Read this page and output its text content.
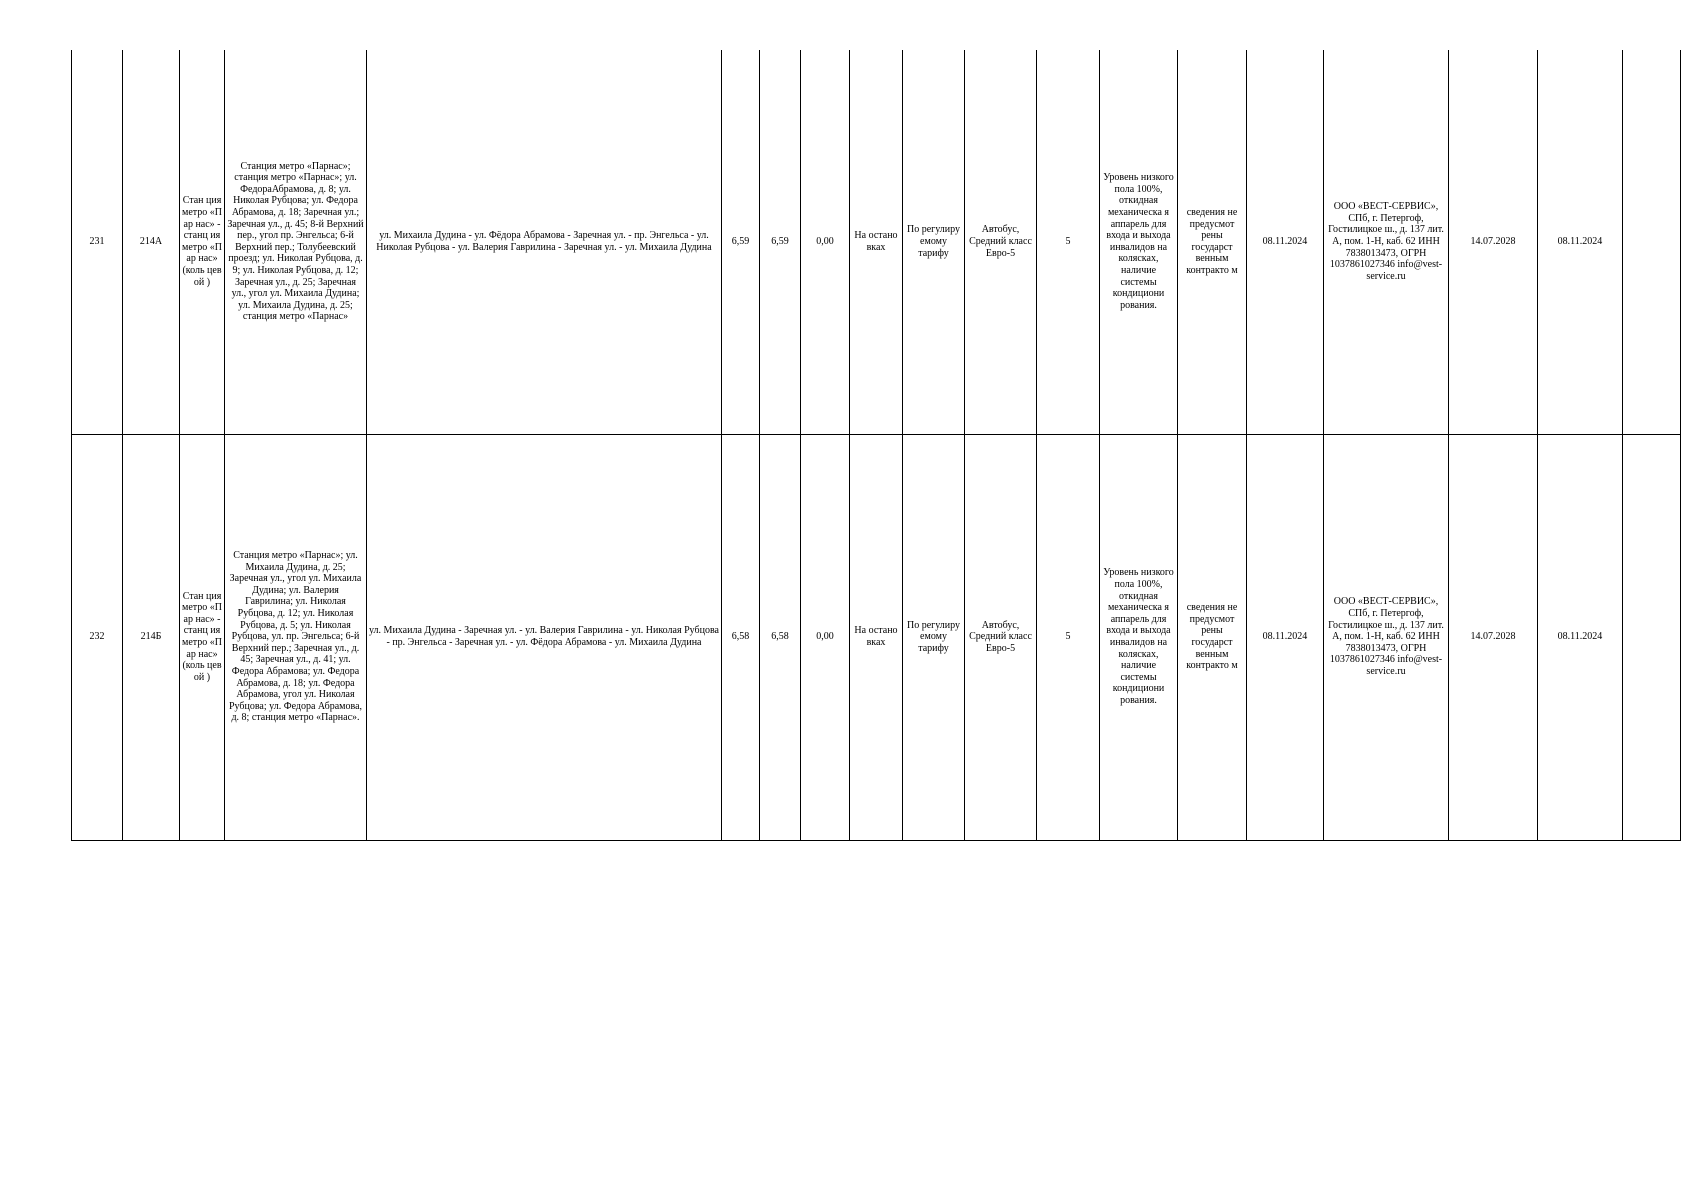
231	214А	Стан ция метро «Пар нас» - станц ия метро «Пар нас» (коль цевой )	Станция метро «Парнас»; станция метро «Парнас»; ул. ФедораАбрамова, д. 8; ул. Николая Рубцова; ул. Федора Абрамова, д. 18; Заречная ул.; Заречная ул., д. 45; 8-й Верхний пер., угол пр. Энгельса; 6-й Верхний пер.; Толубеевский проезд; ул. Николая Рубцова, д. 9; ул. Николая Рубцова, д. 12; Заречная ул., д. 25; Заречная ул., угол ул. Михаила Дудина; ул. Михаила Дудина, д. 25; станция метро «Парнас»	ул. Михаила Дудина - ул. Фёдора Абрамова - Заречная ул. - пр. Энгельса - ул. Николая Рубцова - ул. Валерия Гаврилина - Заречная ул. - ул. Михаила Дудина	6,59	6,59	0,00	На остано вках	По регулиру емому тарифу	Автобус, Средний класс Евро-5	5	Уровень низкого пола 100%, откидная механическа я аппарель для входа и выхода инвалидов на колясках, наличие системы кондициони рования.	сведения не предусмот рены государст венным контракто м	08.11.2024	ООО «ВЕСТ-СЕРВИС», СПб, г. Петергоф, Гостилицкое ш., д. 137 лит. А, пом. 1-Н, каб. 62 ИНН 7838013473, ОГРН 1037861027346 info@vest-service.ru	14.07.2028	08.11.2024	
232	214Б	Стан ция метро «Пар нас» - станц ия метро «Пар нас» (коль цевой )	Станция метро «Парнас»; ул. Михаила Дудина, д. 25; Заречная ул., угол ул. Михаила Дудина; ул. Валерия Гаврилина; ул. Николая Рубцова, д. 12; ул. Николая Рубцова, д. 5; ул. Николая Рубцова, ул. пр. Энгельса; 6-й Верхний пер.; Заречная ул., д. 45; Заречная ул., д. 41; ул. Федора Абрамова; ул. Федора Абрамова, д. 18; ул. Федора Абрамова, угол ул. Николая Рубцова; ул. Федора Абрамова, д. 8; станция метро «Парнас».	ул. Михаила Дудина - Заречная ул. - ул. Валерия Гаврилина - ул. Николая Рубцова - пр. Энгельса - Заречная ул. - ул. Фёдора Абрамова - ул. Михаила Дудина	6,58	6,58	0,00	На остано вках	По регулиру емому тарифу	Автобус, Средний класс Евро-5	5	Уровень низкого пола 100%, откидная механическа я аппарель для входа и выхода инвалидов на колясках, наличие системы кондициони рования.	сведения не предусмот рены государст венным контракто м	08.11.2024	ООО «ВЕСТ-СЕРВИС», СПб, г. Петергоф, Гостилицкое ш., д. 137 лит. А, пом. 1-Н, каб. 62 ИНН 7838013473, ОГРН 1037861027346 info@vest-service.ru	14.07.2028	08.11.2024	
